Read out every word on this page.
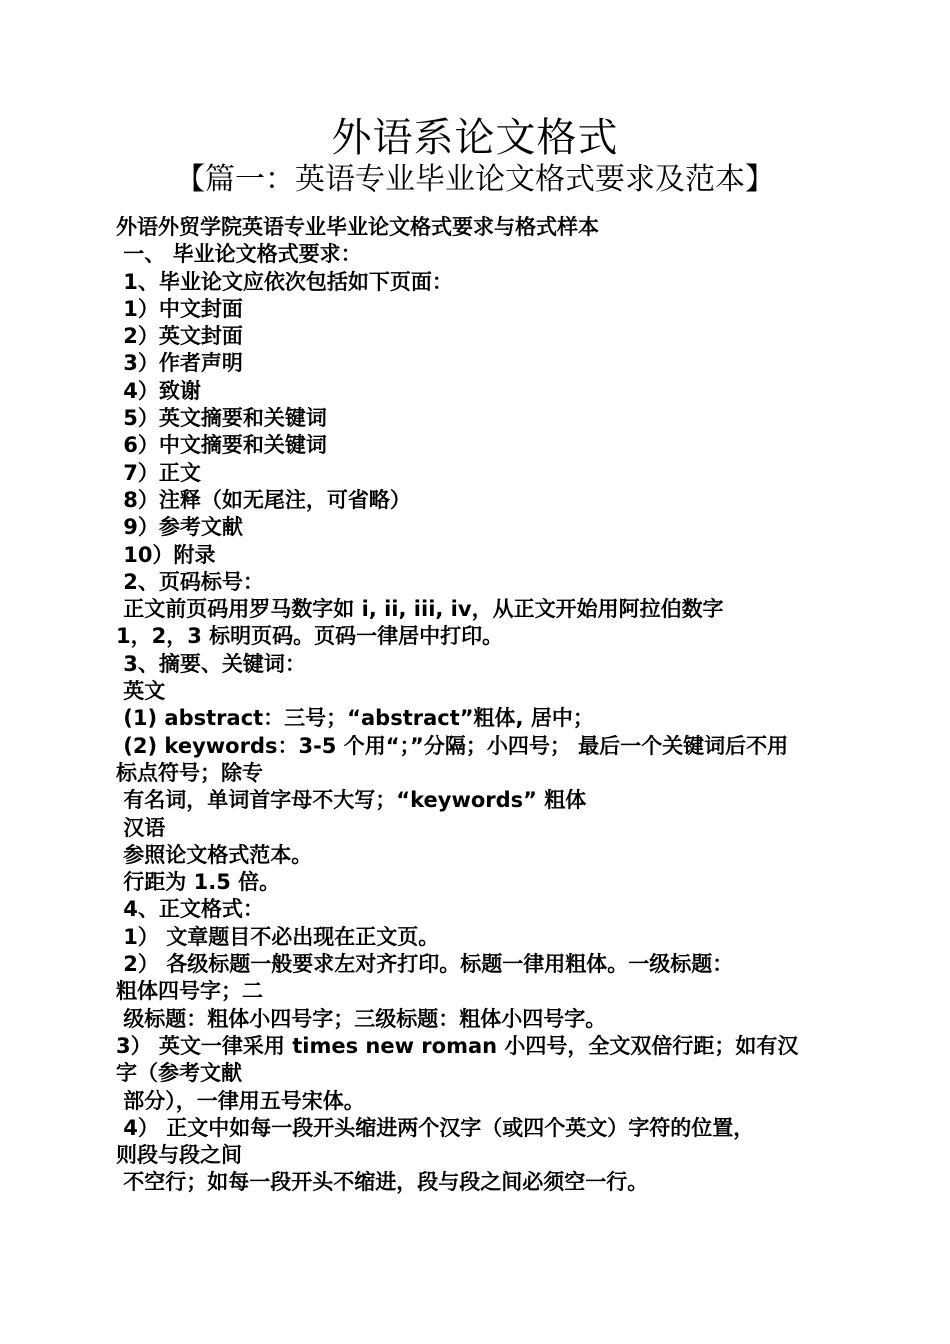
外语系论文格式
【篇一：英语专业毕业论文格式要求及范本】
外语外贸学院英语专业毕业论文格式要求与格式样本
一、 毕业论文格式要求：
1、毕业论文应依次包括如下页面：
1）中文封面
2）英文封面
3）作者声明
4）致谢
5）英文摘要和关键词
6）中文摘要和关键词
7）正文
8）注释（如无尾注，可省略）
9）参考文献
10）附录
2、页码标号：
正文前页码用罗马数字如 i, ii, iii, iv，从正文开始用阿拉伯数字
1，2，3 标明页码。页码一律居中打印。
3、摘要、关键词：
英文
(1) abstract：三号；“abstract”粗体, 居中；
(2) keywords：3-5 个用“；”分隔；小四号； 最后一个关键词后不用
标点符号；除专
有名词，单词首字母不大写；“keywords” 粗体
汉语
参照论文格式范本。
行距为 1.5 倍。
4、正文格式：
1） 文章题目不必出现在正文页。
2） 各级标题一般要求左对齐打印。标题一律用粗体。一级标题：
粗体四号字；二
级标题：粗体小四号字；三级标题：粗体小四号字。
3） 英文一律采用 times new roman 小四号，全文双倍行距；如有汉
字（参考文献
部分），一律用五号宋体。
4） 正文中如每一段开头缩进两个汉字（或四个英文）字符的位置，
则段与段之间
不空行；如每一段开头不缩进，段与段之间必须空一行。
